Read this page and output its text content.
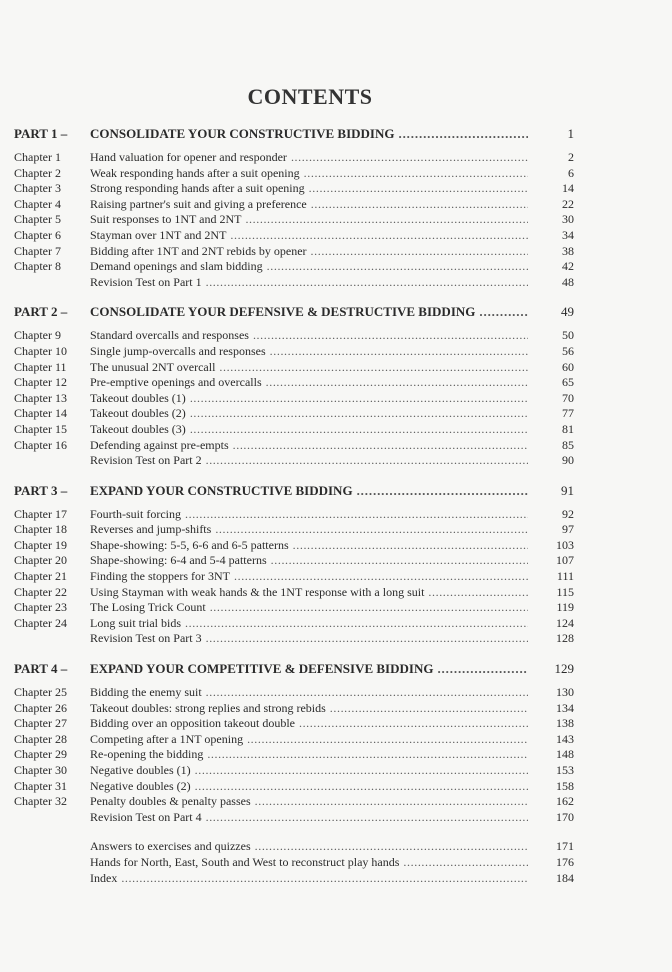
CONTENTS
PART 1 –	CONSOLIDATE YOUR CONSTRUCTIVE BIDDING . . .	1
Chapter 1	Hand valuation for opener and responder . . .	2
Chapter 2	Weak responding hands after a suit opening . . .	6
Chapter 3	Strong responding hands after a suit opening . . .	14
Chapter 4	Raising partner's suit and giving a preference . . .	22
Chapter 5	Suit responses to 1NT and 2NT . . .	30
Chapter 6	Stayman over 1NT and 2NT . . .	34
Chapter 7	Bidding after 1NT and 2NT rebids by opener . . .	38
Chapter 8	Demand openings and slam bidding . . .	42
Revision Test on Part 1 . . .	48
PART 2 –	CONSOLIDATE YOUR DEFENSIVE & DESTRUCTIVE BIDDING . . .	49
Chapter 9	Standard overcalls and responses . . .	50
Chapter 10	Single jump-overcalls and responses . . .	56
Chapter 11	The unusual 2NT overcall . . .	60
Chapter 12	Pre-emptive openings and overcalls . . .	65
Chapter 13	Takeout doubles (1) . . .	70
Chapter 14	Takeout doubles (2) . . .	77
Chapter 15	Takeout doubles (3) . . .	81
Chapter 16	Defending against pre-empts . . .	85
Revision Test on Part 2 . . .	90
PART 3 –	EXPAND YOUR CONSTRUCTIVE BIDDING . . .	91
Chapter 17	Fourth-suit forcing . . .	92
Chapter 18	Reverses and jump-shifts . . .	97
Chapter 19	Shape-showing: 5-5, 6-6 and 6-5 patterns . . .	103
Chapter 20	Shape-showing: 6-4 and 5-4 patterns . . .	107
Chapter 21	Finding the stoppers for 3NT . . .	111
Chapter 22	Using Stayman with weak hands & the 1NT response with a long suit . . .	115
Chapter 23	The Losing Trick Count . . .	119
Chapter 24	Long suit trial bids . . .	124
Revision Test on Part 3 . . .	128
PART 4 –	EXPAND YOUR COMPETITIVE & DEFENSIVE BIDDING . . .	129
Chapter 25	Bidding the enemy suit . . .	130
Chapter 26	Takeout doubles: strong replies and strong rebids . . .	134
Chapter 27	Bidding over an opposition takeout double . . .	138
Chapter 28	Competing after a 1NT opening . . .	143
Chapter 29	Re-opening the bidding . . .	148
Chapter 30	Negative doubles (1) . . .	153
Chapter 31	Negative doubles (2) . . .	158
Chapter 32	Penalty doubles & penalty passes . . .	162
Revision Test on Part 4 . . .	170
Answers to exercises and quizzes . . .	171
Hands for North, East, South and West to reconstruct play hands . . .	176
Index . . .	184
